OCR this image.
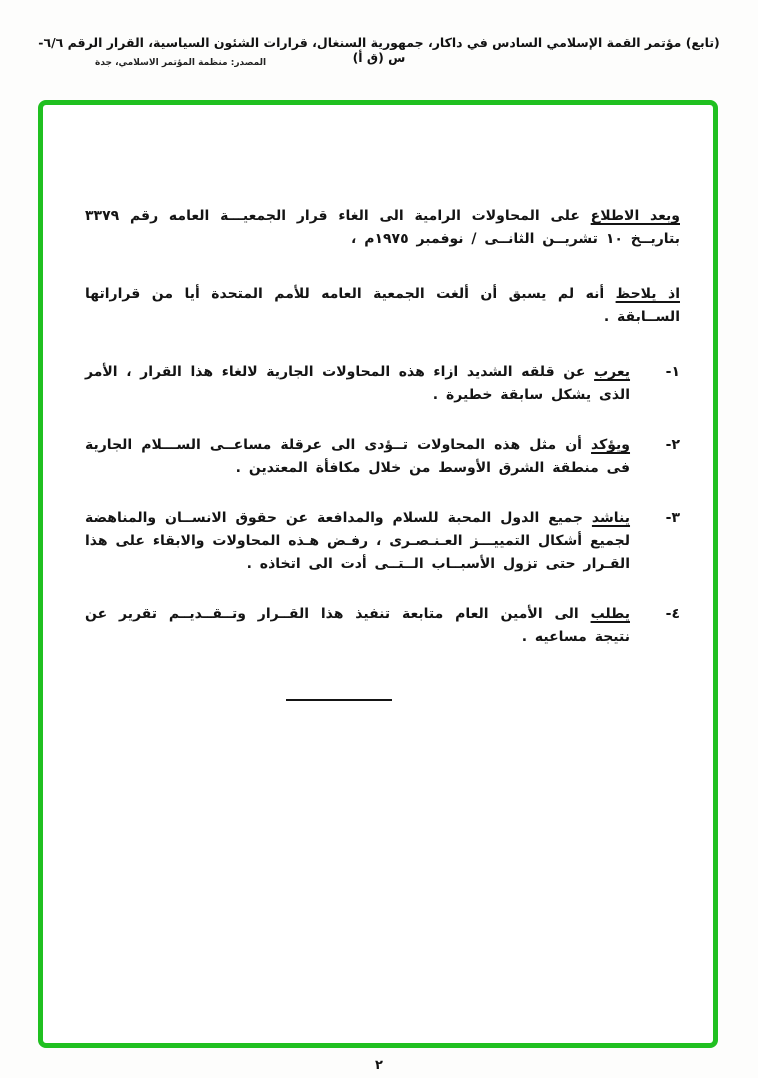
(تابع) مؤتمر القمة الإسلامي السادس في داكار، جمهورية السنغال، قرارات الشئون السياسية، القرار الرقم ٦/٦-س (ق أ)
المصدر: منظمة المؤتمر الاسلامي، جدة

وبعد الاطلاع على المحاولات الرامية الى الغاء قرار الجمعيـــة العامه رقم ٣٣٧٩ بتاريــخ ١٠ تشريــن الثانــى / نوفمبر ١٩٧٥م ،

اذ يلاحظ أنه لم يسبق أن ألغت الجمعية العامه للأمم المتحدة أيا من قراراتها الســابقة .

١-
يعرب عن قلقه الشديد ازاء هذه المحاولات الجارية لالغاء هذا القرار ، الأمر الذى يشكل سابقة خطيرة .
٢-
ويؤكد أن مثل هذه المحاولات تــؤدى الى عرقلة مساعــى الســـلام الجارية فى منطقة الشرق الأوسط من خلال مكافأة المعتدين .
٣-
يناشد جميع الدول المحبة للسلام والمدافعة عن حقوق الانســان والمناهضة لجميع أشكال التمييـــز العـنـصـرى ، رفـض هـذه المحاولات والابقاء على هذا القـرار حتى تزول الأسبــاب الــتــى أدت الى اتخاذه .
٤-
يطلب الى الأمين العام متابعة تنفيذ هذا القــرار وتــقــديــم تقرير عن نتيجة مساعيه .
٢
